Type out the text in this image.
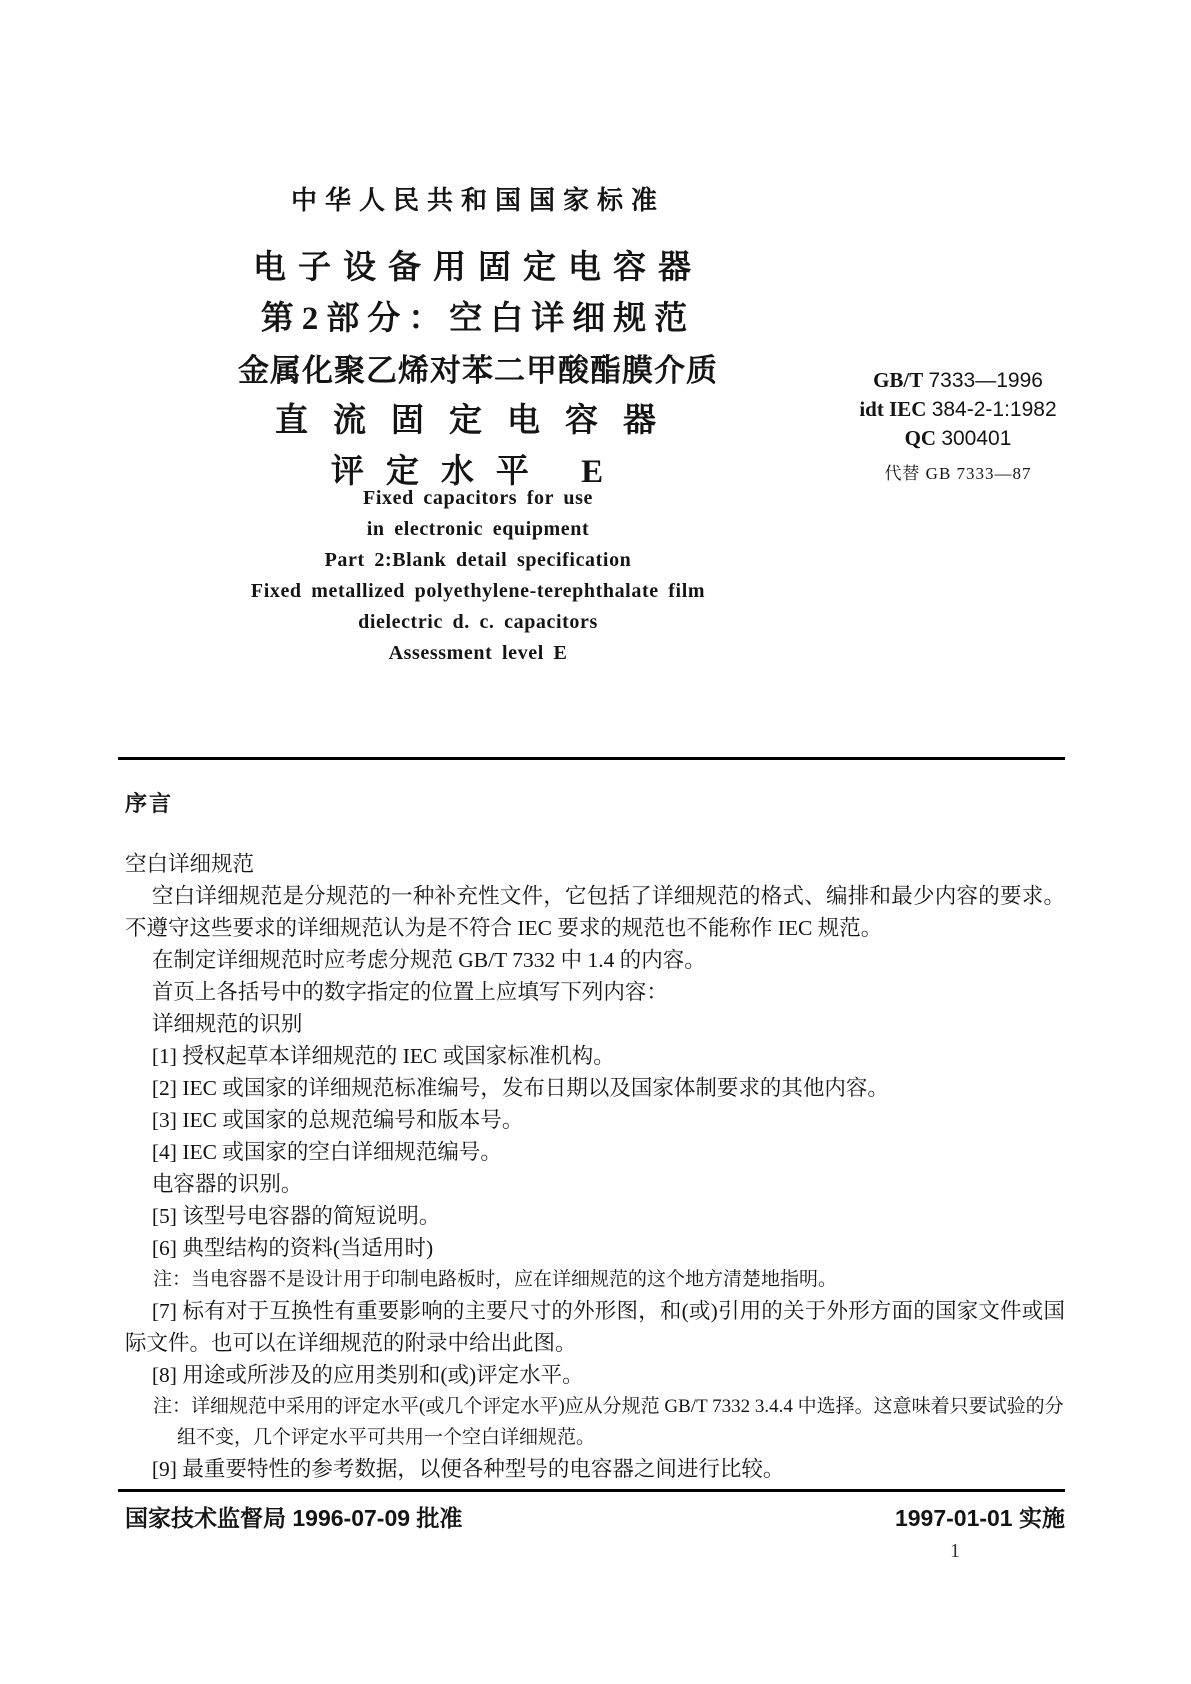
中华人民共和国国家标准
电子设备用固定电容器
第2部分：空白详细规范
金属化聚乙烯对苯二甲酸酯膜介质
直流固定电容器
评定水平 E
GB/T 7333—1996
idt IEC 384-2-1:1982
QC 300401
代替 GB 7333—87
Fixed capacitors for use
in electronic equipment
Part 2:Blank detail specification
Fixed metallized polyethylene-terephthalate film
dielectric d. c. capacitors
Assessment level E
序言

空白详细规范

空白详细规范是分规范的一种补充性文件，它包括了详细规范的格式、编排和最少内容的要求。不遵守这些要求的详细规范认为是不符合 IEC 要求的规范也不能称作 IEC 规范。

在制定详细规范时应考虑分规范 GB/T 7332 中 1.4 的内容。

首页上各括号中的数字指定的位置上应填写下列内容：

详细规范的识别

[1] 授权起草本详细规范的 IEC 或国家标准机构。

[2] IEC 或国家的详细规范标准编号，发布日期以及国家体制要求的其他内容。

[3] IEC 或国家的总规范编号和版本号。

[4] IEC 或国家的空白详细规范编号。

电容器的识别。

[5] 该型号电容器的简短说明。

[6] 典型结构的资料(当适用时)

注：当电容器不是设计用于印制电路板时，应在详细规范的这个地方清楚地指明。

[7] 标有对于互换性有重要影响的主要尺寸的外形图，和(或)引用的关于外形方面的国家文件或国际文件。也可以在详细规范的附录中给出此图。

[8] 用途或所涉及的应用类别和(或)评定水平。

注：详细规范中采用的评定水平(或几个评定水平)应从分规范 GB/T 7332 3.4.4 中选择。这意味着只要试验的分组不变，几个评定水平可共用一个空白详细规范。

[9] 最重要特性的参考数据，以便各种型号的电容器之间进行比较。

国家技术监督局 1996-07-09 批准	1997-01-01 实施
1
